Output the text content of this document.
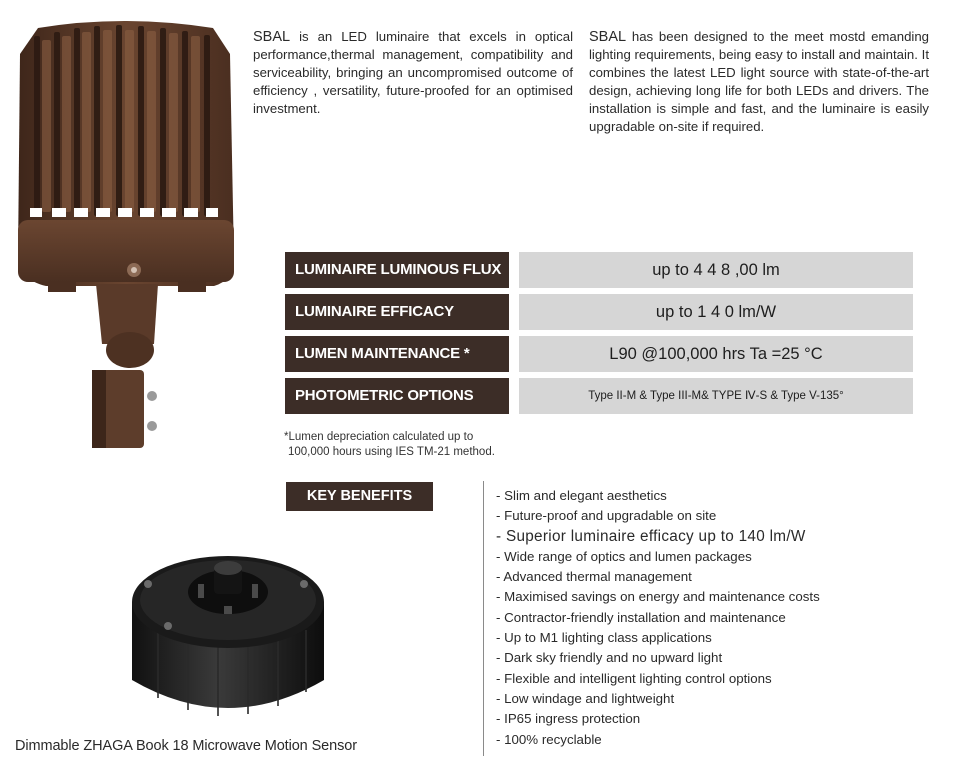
SBAL is an LED luminaire that excels in optical performance,thermal management, compatibility and serviceability, bringing an uncompromised outcome of efficiency , versatility, future-proofed for an optimised investment.
SBAL has been designed to the meet mostd emanding lighting requirements, being easy to install and maintain. It combines the latest LED light source with state-of-the-art design, achieving long life for both LEDs and drivers. The installation is simple and fast, and the luminaire is easily upgradable on-site if required.
LUMINAIRE LUMINOUS FLUX	up to 4 4 8 ,00 lm
LUMINAIRE EFFICACY	up to 1 4 0 lm/W
LUMEN MAINTENANCE *	L90 @100,000 hrs Ta =25 °C
PHOTOMETRIC OPTIONS	Type II-M & Type III-M& TYPE Ⅳ-S & Type V-135°
*Lumen depreciation calculated up to
100,000 hours using IES TM-21 method.
KEY BENEFITS	- Slim and elegant aesthetics
- Future-proof and upgradable on site
- Superior luminaire efficacy up to 140 lm/W
- Wide range of optics and lumen packages
- Advanced thermal management
- Maximised savings on energy and maintenance costs
- Contractor-friendly installation and maintenance
- Up to M1 lighting class applications
- Dark sky friendly and no upward light
- Flexible and intelligent lighting control options
- Low windage and lightweight
- IP65 ingress protection
- 100% recyclable
Dimmable ZHAGA Book 18 Microwave Motion Sensor
